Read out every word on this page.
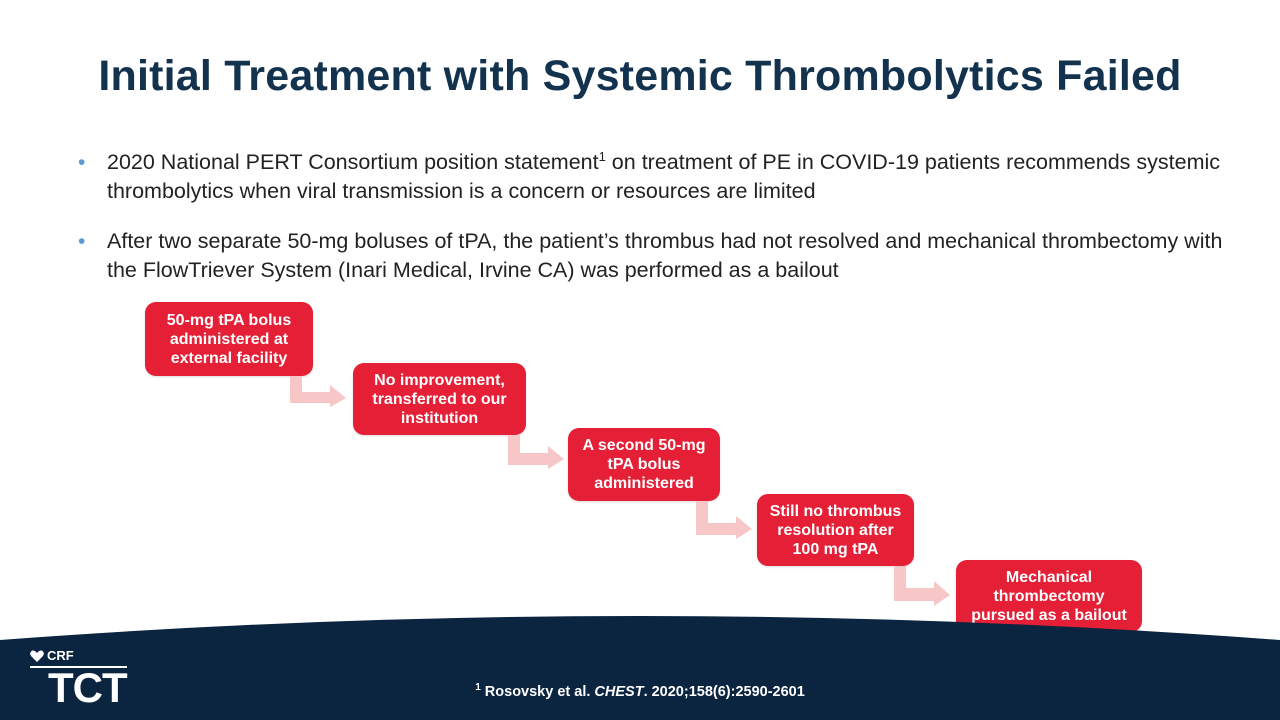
Initial Treatment with Systemic Thrombolytics Failed
• 2020 National PERT Consortium position statement$^1$ on treatment of PE in COVID-19 patients recommends systemic thrombolytics when viral transmission is a concern or resources are limited
• After two separate 50-mg boluses of tPA, the patient’s thrombus had not resolved and mechanical thrombectomy with the FlowTriever System (Inari Medical, Irvine CA) was performed as a bailout
50-mg tPA bolus
administered at
external facility
No improvement,
transferred to our
institution
A second 50-mg
tPA bolus
administered
Still no thrombus
resolution after
100 mg tPA
Mechanical
thrombectomy
pursued as a bailout
CRF
TCT	$^1$ Rosovsky et al. CHEST. 2020;158(6):2590-2601
